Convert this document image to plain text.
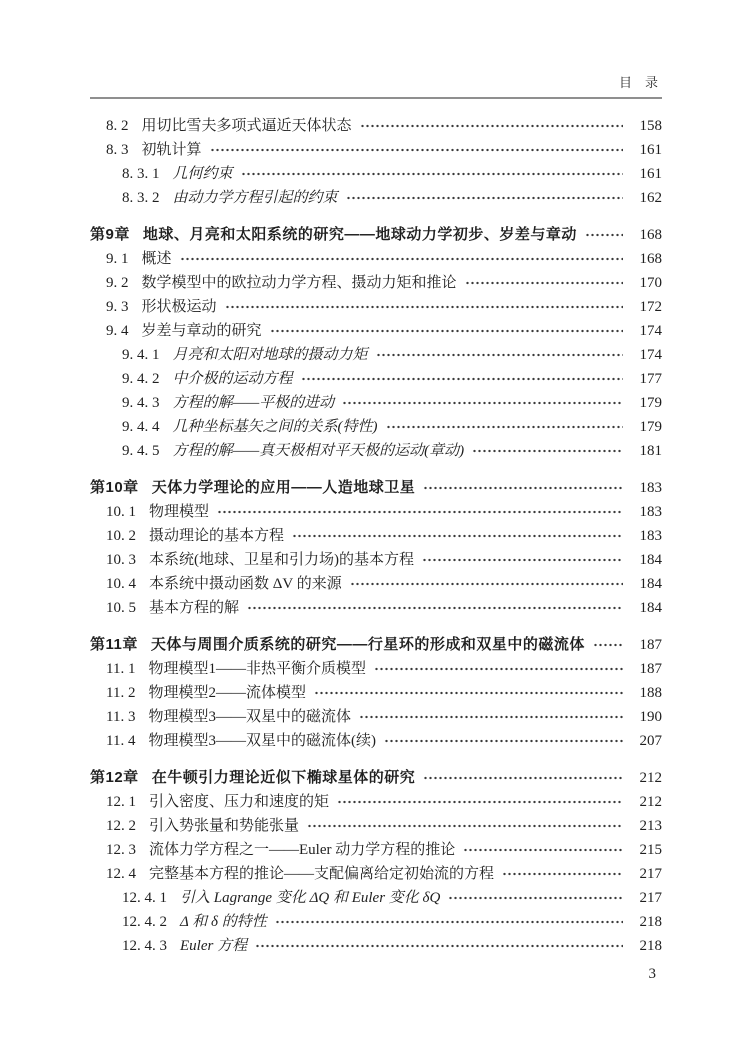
目　录
8. 2 用切比雪夫多项式逼近天体状态	158
8. 3 初轨计算	161
8. 3. 1 几何约束	161
8. 3. 2 由动力学方程引起的约束	162
第9章 地球、月亮和太阳系统的研究——地球动力学初步、岁差与章动	168
9. 1 概述	168
9. 2 数学模型中的欧拉动力学方程、摄动力矩和推论	170
9. 3 形状极运动	172
9. 4 岁差与章动的研究	174
9. 4. 1 月亮和太阳对地球的摄动力矩	174
9. 4. 2 中介极的运动方程	177
9. 4. 3 方程的解——平极的进动	179
9. 4. 4 几种坐标基矢之间的关系(特性)	179
9. 4. 5 方程的解——真天极相对平天极的运动(章动)	181
第10章 天体力学理论的应用——人造地球卫星	183
10. 1 物理模型	183
10. 2 摄动理论的基本方程	183
10. 3 本系统(地球、卫星和引力场)的基本方程	184
10. 4 本系统中摄动函数 ΔV 的来源	184
10. 5 基本方程的解	184
第11章 天体与周围介质系统的研究——行星环的形成和双星中的磁流体	187
11. 1 物理模型1——非热平衡介质模型	187
11. 2 物理模型2——流体模型	188
11. 3 物理模型3——双星中的磁流体	190
11. 4 物理模型3——双星中的磁流体(续)	207
第12章 在牛顿引力理论近似下椭球星体的研究	212
12. 1 引入密度、压力和速度的矩	212
12. 2 引入势张量和势能张量	213
12. 3 流体力学方程之一——Euler 动力学方程的推论	215
12. 4 完整基本方程的推论——支配偏离给定初始流的方程	217
12. 4. 1 引入 Lagrange 变化 ΔQ 和 Euler 变化 δQ	217
12. 4. 2 Δ 和 δ 的特性	218
12. 4. 3 Euler 方程	218
3
